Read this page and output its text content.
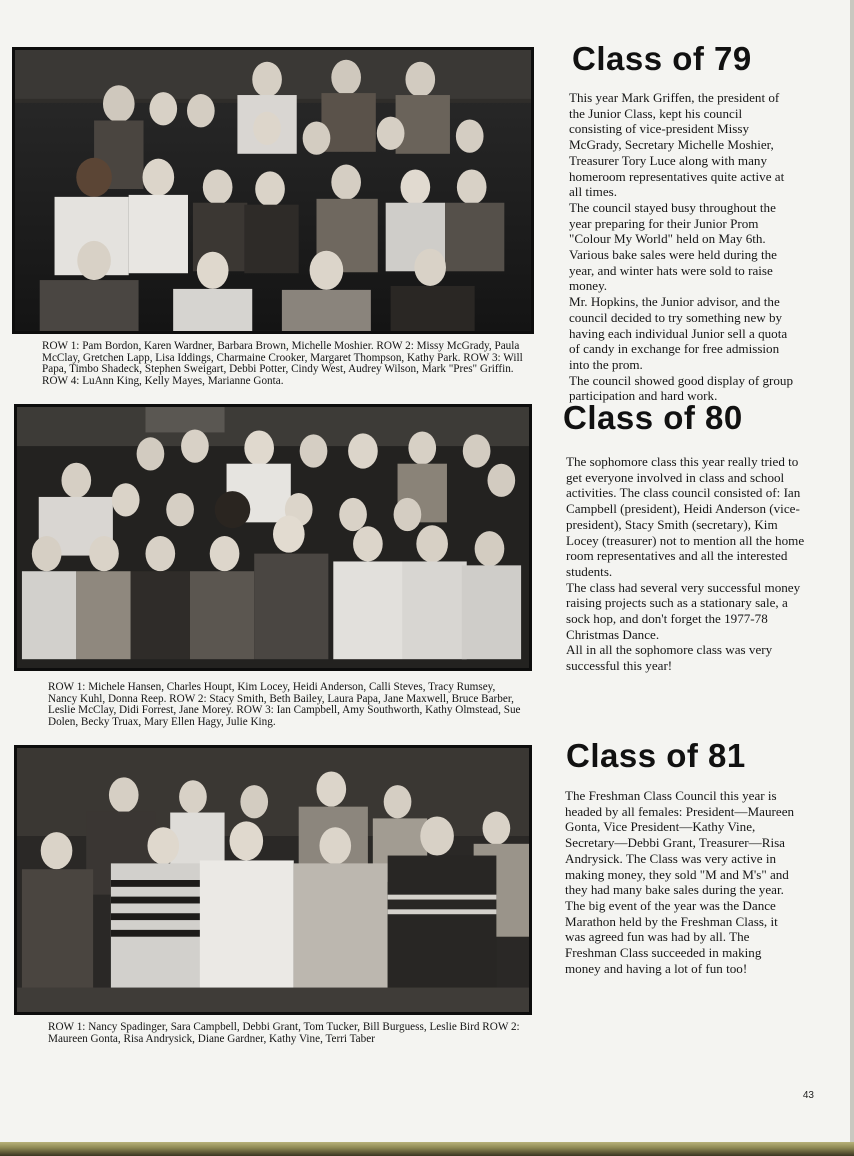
ROW 1: Pam Bordon, Karen Wardner, Barbara Brown, Michelle Moshier. ROW 2: Missy McGrady, Paula McClay, Gretchen Lapp, Lisa Iddings, Charmaine Crooker, Margaret Thompson, Kathy Park. ROW 3: Will Papa, Timbo Shadeck, Stephen Sweigart, Debbi Potter, Cindy West, Audrey Wilson, Mark "Pres" Griffin. ROW 4: LuAnn King, Kelly Mayes, Marianne Gonta.
Class of 79

This year Mark Griffen, the president of the Junior Class, kept his council consisting of vice-president Missy McGrady, Secretary Michelle Moshier, Treasurer Tory Luce along with many homeroom representatives quite active at all times.

The council stayed busy throughout the year preparing for their Junior Prom "Colour My World" held on May 6th. Various bake sales were held during the year, and winter hats were sold to raise money.

Mr. Hopkins, the Junior advisor, and the council decided to try something new by having each individual Junior sell a quota of candy in exchange for free admission into the prom.

The council showed good display of group participation and hard work.

ROW 1: Michele Hansen, Charles Houpt, Kim Locey, Heidi Anderson, Calli Steves, Tracy Rumsey, Nancy Kuhl, Donna Reep. ROW 2: Stacy Smith, Beth Bailey, Laura Papa, Jane Maxwell, Bruce Barber, Leslie McClay, Didi Forrest, Jane Morey. ROW 3: Ian Campbell, Amy Southworth, Kathy Olmstead, Sue Dolen, Becky Truax, Mary Ellen Hagy, Julie King.
Class of 80

The sophomore class this year really tried to get everyone involved in class and school activities. The class council consisted of: Ian Campbell (president), Heidi Anderson (vice-president), Stacy Smith (secretary), Kim Locey (treasurer) not to mention all the home room representatives and all the interested students.

The class had several very successful money raising projects such as a stationary sale, a sock hop, and don't forget the 1977-78 Christmas Dance.

All in all the sophomore class was very successful this year!

ROW 1: Nancy Spadinger, Sara Campbell, Debbi Grant, Tom Tucker, Bill Burguess, Leslie Bird ROW 2: Maureen Gonta, Risa Andrysick, Diane Gardner, Kathy Vine, Terri Taber
Class of 81

The Freshman Class Council this year is headed by all females: President—Maureen Gonta, Vice President—Kathy Vine, Secretary—Debbi Grant, Treasurer—Risa Andrysick. The Class was very active in making money, they sold "M and M's" and they had many bake sales during the year. The big event of the year was the Dance Marathon held by the Freshman Class, it was agreed fun was had by all. The Freshman Class succeeded in making money and having a lot of fun too!

43
